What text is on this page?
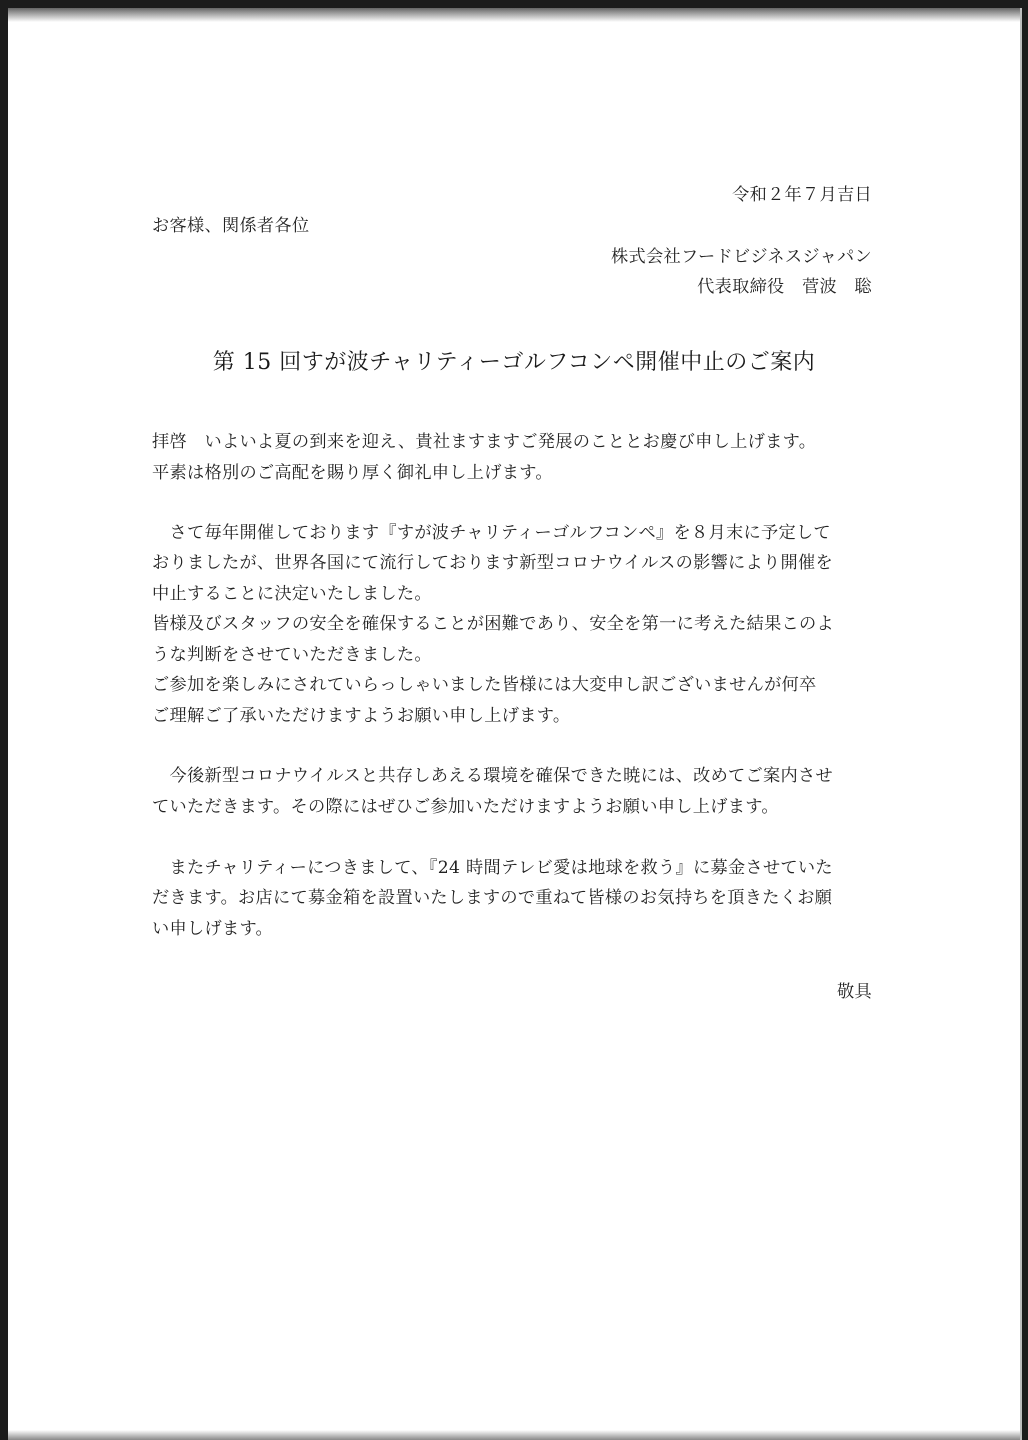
令和２年７月吉日
お客様、関係者各位
株式会社フードビジネスジャパン
代表取締役　菅波　聡
第 15 回すが波チャリティーゴルフコンペ開催中止のご案内
拝啓　いよいよ夏の到来を迎え、貴社ますますご発展のこととお慶び申し上げます。
平素は格別のご高配を賜り厚く御礼申し上げます。
　さて毎年開催しております『すが波チャリティーゴルフコンペ』を８月末に予定して
おりましたが、世界各国にて流行しております新型コロナウイルスの影響により開催を
中止することに決定いたしました。
皆様及びスタッフの安全を確保することが困難であり、安全を第一に考えた結果このよ
うな判断をさせていただきました。
ご参加を楽しみにされていらっしゃいました皆様には大変申し訳ございませんが何卒
ご理解ご了承いただけますようお願い申し上げます。
　今後新型コロナウイルスと共存しあえる環境を確保できた暁には、改めてご案内させ
ていただきます。その際にはぜひご参加いただけますようお願い申し上げます。
　またチャリティーにつきまして、『24 時間テレビ愛は地球を救う』に募金させていた
だきます。お店にて募金箱を設置いたしますので重ねて皆様のお気持ちを頂きたくお願
い申しげます。
敬具
